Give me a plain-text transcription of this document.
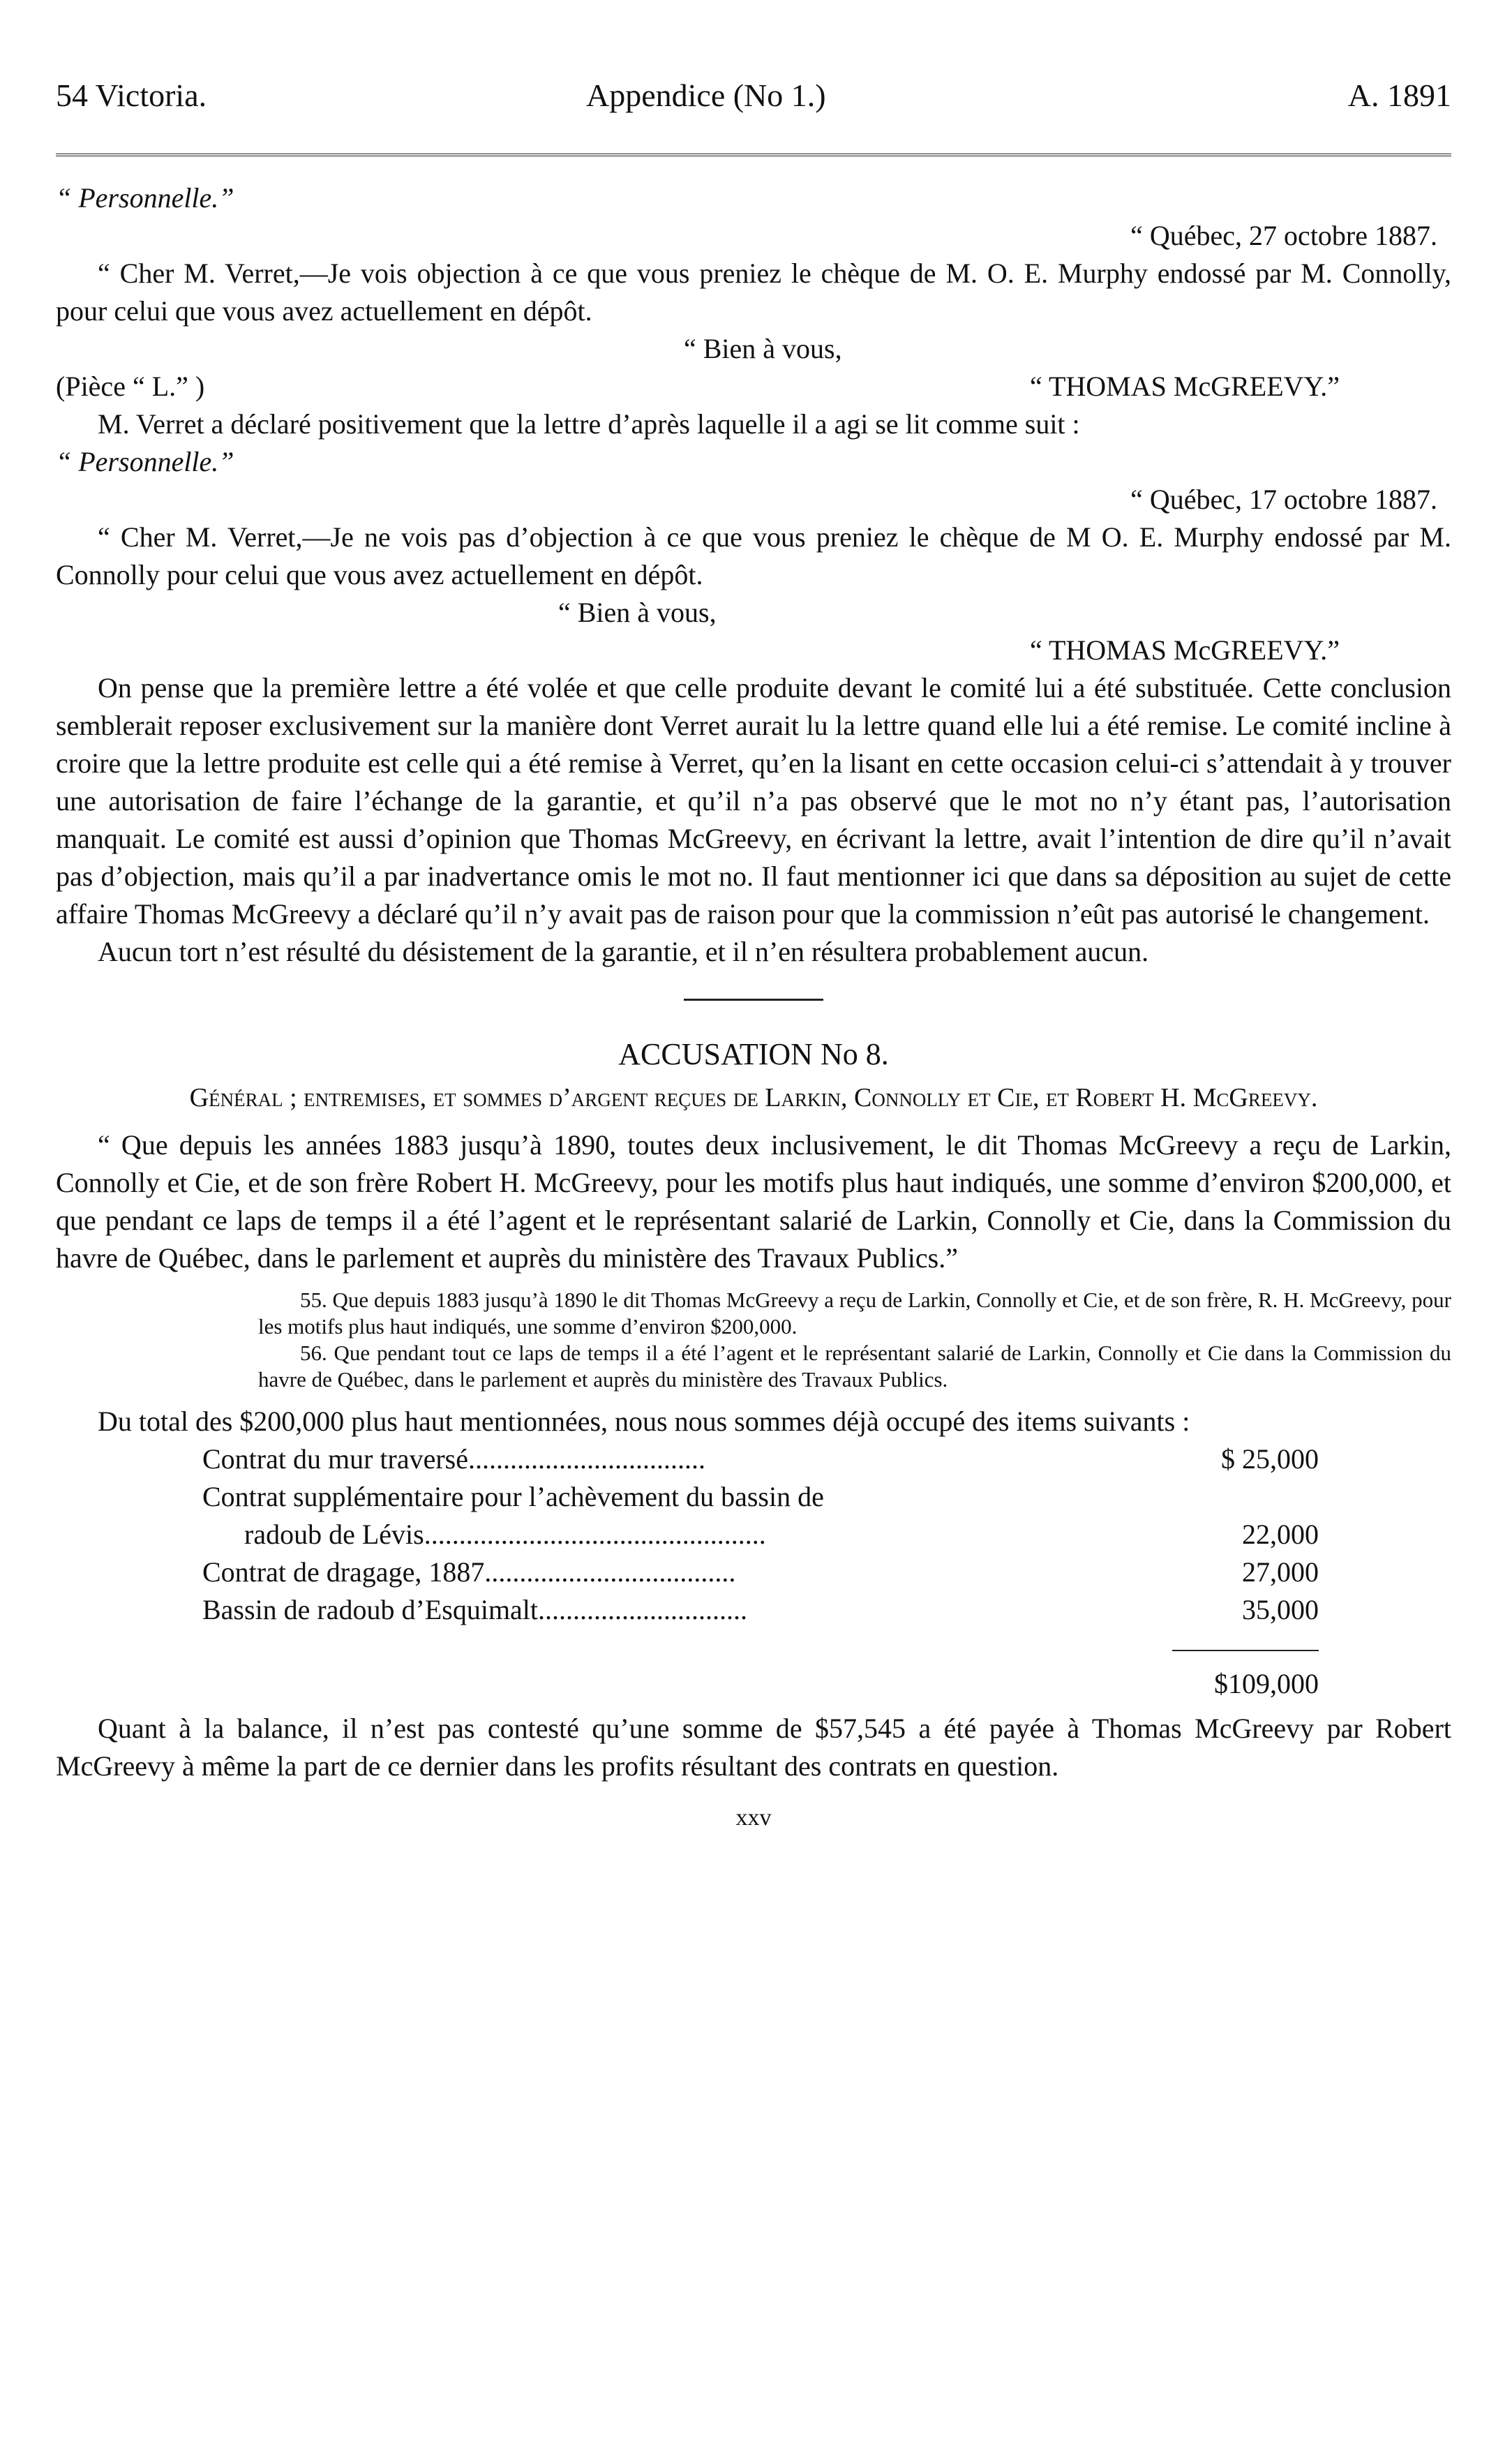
54 Victoria.	Appendice (No 1.)	A. 1891

“ Personnelle.”

“ Québec, 27 octobre 1887.

“ Cher M. Verret,—Je vois objection à ce que vous preniez le chèque de M. O. E. Murphy endossé par M. Connolly, pour celui que vous avez actuellement en dépôt.

“ Bien à vous,

(Pièce “ L.” )	“ THOMAS McGREEVY.”

M. Verret a déclaré positivement que la lettre d’après laquelle il a agi se lit comme suit :

“ Personnelle.”

“ Québec, 17 octobre 1887.

“ Cher M. Verret,—Je ne vois pas d’objection à ce que vous preniez le chèque de M O. E. Murphy endossé par M. Connolly pour celui que vous avez actuellement en dépôt.

“ Bien à vous,

“ THOMAS McGREEVY.”

On pense que la première lettre a été volée et que celle produite devant le comité lui a été substituée. Cette conclusion semblerait reposer exclusivement sur la manière dont Verret aurait lu la lettre quand elle lui a été remise. Le comité incline à croire que la lettre produite est celle qui a été remise à Verret, qu’en la lisant en cette occasion celui-ci s’attendait à y trouver une autorisation de faire l’échange de la garantie, et qu’il n’a pas observé que le mot no n’y étant pas, l’autorisation manquait. Le comité est aussi d’opinion que Thomas McGreevy, en écrivant la lettre, avait l’intention de dire qu’il n’avait pas d’objection, mais qu’il a par inadvertance omis le mot no. Il faut mentionner ici que dans sa déposition au sujet de cette affaire Thomas McGreevy a déclaré qu’il n’y avait pas de raison pour que la commission n’eût pas autorisé le changement.

Aucun tort n’est résulté du désistement de la garantie, et il n’en résultera probablement aucun.

ACCUSATION No 8.
Général ; entremises, et sommes d’argent reçues de Larkin, Connolly et Cie, et Robert H. McGreevy.

“ Que depuis les années 1883 jusqu’à 1890, toutes deux inclusivement, le dit Thomas McGreevy a reçu de Larkin, Connolly et Cie, et de son frère Robert H. McGreevy, pour les motifs plus haut indiqués, une somme d’environ $200,000, et que pendant ce laps de temps il a été l’agent et le représentant salarié de Larkin, Connolly et Cie, dans la Commission du havre de Québec, dans le parlement et auprès du ministère des Travaux Publics.”

55. Que depuis 1883 jusqu’à 1890 le dit Thomas McGreevy a reçu de Larkin, Connolly et Cie, et de son frère, R. H. McGreevy, pour les motifs plus haut indiqués, une somme d’environ $200,000.

56. Que pendant tout ce laps de temps il a été l’agent et le représentant salarié de Larkin, Connolly et Cie dans la Commission du havre de Québec, dans le parlement et auprès du ministère des Travaux Publics.

Du total des $200,000 plus haut mentionnées, nous nous sommes déjà occupé des items suivants :

Contrat du mur traversé..................................	$ 25,000
Contrat supplémentaire pour l’achèvement du bassin de
radoub de Lévis.................................................	22,000
Contrat de dragage, 1887....................................	27,000
Bassin de radoub d’Esquimalt..............................	35,000
$109,000

Quant à la balance, il n’est pas contesté qu’une somme de $57,545 a été payée à Thomas McGreevy par Robert McGreevy à même la part de ce dernier dans les profits résultant des contrats en question.

xxv
